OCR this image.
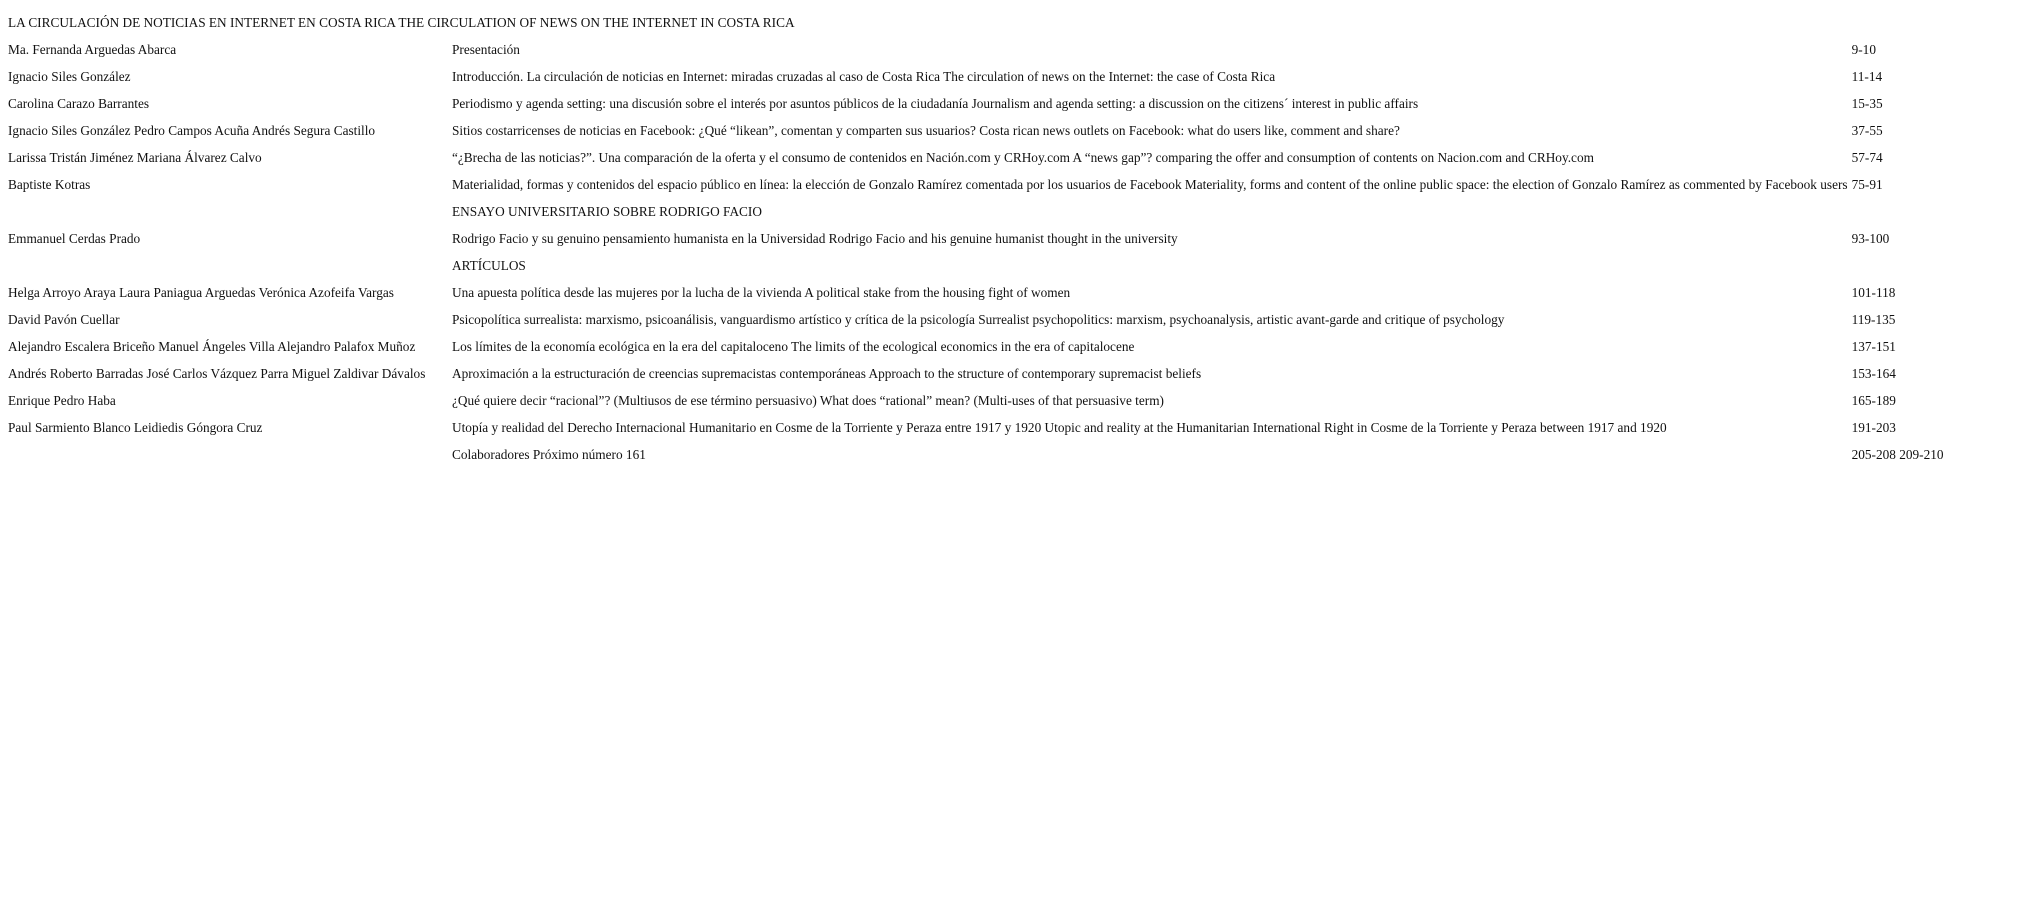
LA CIRCULACIÓN DE NOTICIAS EN INTERNET EN COSTA RICA THE CIRCULATION OF NEWS ON THE INTERNET IN COSTA RICA		
Ma. Fernanda Arguedas Abarca	Presentación	9-10
Ignacio Siles González	Introducción. La circulación de noticias en Internet: miradas cruzadas al caso de Costa Rica The circulation of news on the Internet: the case of Costa Rica	11-14
Carolina Carazo Barrantes	Periodismo y agenda setting: una discusión sobre el interés por asuntos públicos de la ciudadanía Journalism and agenda setting: a discussion on the citizens´ interest in public affairs	15-35
Ignacio Siles González Pedro Campos Acuña Andrés Segura Castillo	Sitios costarricenses de noticias en Facebook: ¿Qué “likean”, comentan y comparten sus usuarios? Costa rican news outlets on Facebook: what do users like, comment and share?	37-55
Larissa Tristán Jiménez Mariana Álvarez Calvo	“¿Brecha de las noticias?”. Una comparación de la oferta y el consumo de contenidos en Nación.com y CRHoy.com A “news gap”? comparing the offer and consumption of contents on Nacion.com and CRHoy.com	57-74
Baptiste Kotras	Materialidad, formas y contenidos del espacio público en línea: la elección de Gonzalo Ramírez comentada por los usuarios de Facebook Materiality, forms and content of the online public space: the election of Gonzalo Ramírez as commented by Facebook users	75-91
	ENSAYO UNIVERSITARIO SOBRE RODRIGO FACIO	
Emmanuel Cerdas Prado	Rodrigo Facio y su genuino pensamiento humanista en la Universidad Rodrigo Facio and his genuine humanist thought in the university	93-100
	ARTÍCULOS	
Helga Arroyo Araya Laura Paniagua Arguedas Verónica Azofeifa Vargas	Una apuesta política desde las mujeres por la lucha de la vivienda A political stake from the housing fight of women	101-118
David Pavón Cuellar	Psicopolítica surrealista: marxismo, psicoanálisis, vanguardismo artístico y crítica de la psicología Surrealist psychopolitics: marxism, psychoanalysis, artistic avant-garde and critique of psychology	119-135
Alejandro Escalera Briceño Manuel Ángeles Villa Alejandro Palafox Muñoz	Los límites de la economía ecológica en la era del capitaloceno The limits of the ecological economics in the era of capitalocene	137-151
Andrés Roberto Barradas José Carlos Vázquez Parra Miguel Zaldivar Dávalos	Aproximación a la estructuración de creencias supremacistas contemporáneas Approach to the structure of contemporary supremacist beliefs	153-164
Enrique Pedro Haba	¿Qué quiere decir “racional”? (Multiusos de ese término persuasivo) What does “rational” mean? (Multi-uses of that persuasive term)	165-189
Paul Sarmiento Blanco Leidiedis Góngora Cruz	Utopía y realidad del Derecho Internacional Humanitario en Cosme de la Torriente y Peraza entre 1917 y 1920 Utopic and reality at the Humanitarian International Right in Cosme de la Torriente y Peraza between 1917 and 1920	191-203
	Colaboradores Próximo número 161	205-208 209-210
